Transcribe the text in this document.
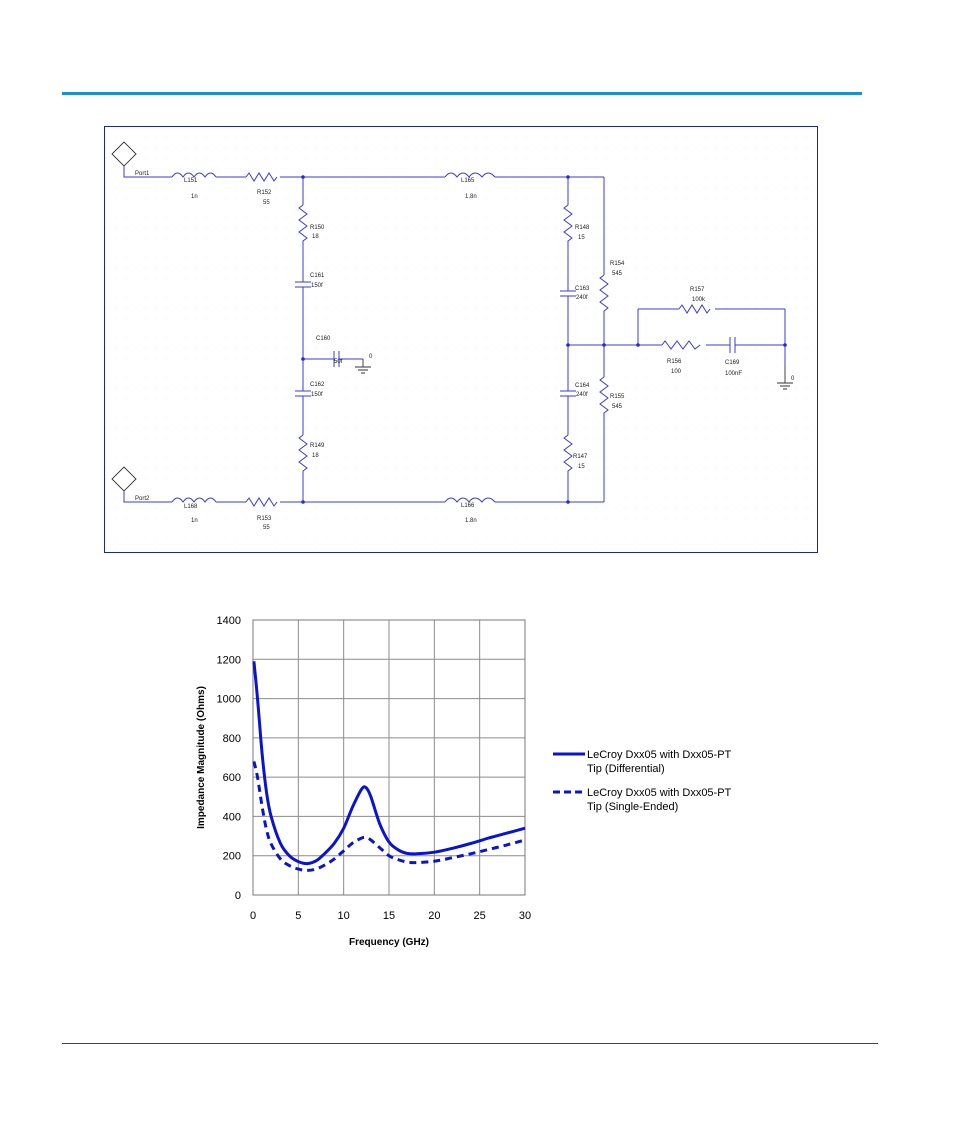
Port1
Port2
0
0
L151
1n
R152
55
L165
1.8n
R150
18
C161
150f
C160
50f
C162
150f
R149
18
R148
15
C163
240f
R154
545
R157
100k
R156
100
C169
100nF
C164
240f	R155
545
R147
15
L168
1n	R153
55
L166
1.8n
0
200
400
600
800
1000
1200
1400
0	5	10	15	20	25	30
Frequency (GHz)
Impedance Magnitude (Ohms)	LeCroy Dxx05 with Dxx05-PT
Tip (Differential)
LeCroy Dxx05 with Dxx05-PT
Tip (Single-Ended)
